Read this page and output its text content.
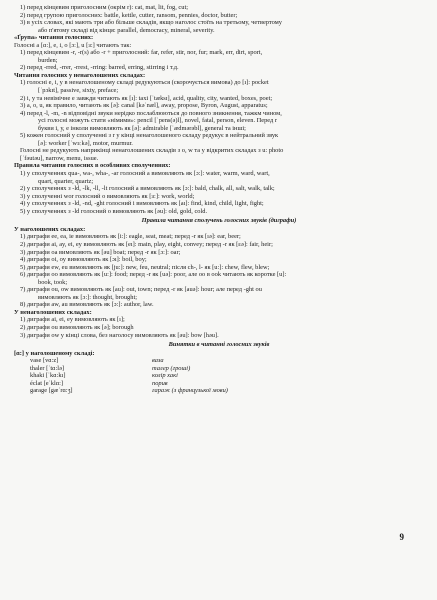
1) перед кінцевим приголосним (окрім r): cat, mat, lit, fog, cut;
2) перед групою приголосних: battle, kettle, cutter, ransom, pennies, doctor, butter;
3) в усіх словах, які мають три або більше складів, якщо наголос стоїть на третьому, четвертому
або п'ятому складі від кінця: parallel, democracy, mineral, severity.
«Ґрупа» читання голосних:
Голосні a [ɑ:], e, i, o [ɔ:], u [ɜ:] читають так:
1) перед кінцевим -r, -r(s) або -r + приголосний: far, refer, stir, nor, fur; mark, err, dirt, sport,
burden;
2) перед -rred, -rrer, -rrest, -rring: barred, erring, stirring і т.д.
Читання голосних у ненаголошених складах:
1) голосні e, i, y в ненаголошеному складі редукуються (скорочується вимова) до [ı]: pocket
[ˈpɔkɪt], passive, sixty, preface;
2) i, y та невімічне e завжди читають як [ı]: taxi [ˈtæksɪ], acid, quality, city, wanted, boxes, poet;
3) a, o, u, як правило, читають як [ə]: canal [kəˈnæl], away, propose, Byron, August, apparatus;
4) перед -l, -m, -n відповідні звуки нерідко послаблюються до повного зникнення, тажкм чином,
усі голосні можуть стати «німими»: pencil [ˈpens(ə)l], novel, fatal, person, eleven. Перед r
букви і, у, е інколи вимовляють як [ə]: admirable [ˈædmərəbl], general та інші;
5) кожен голосний у сполученні з r у кінці ненаголошеного складу редукує в нейтральний звук
[ə]: worker [ˈwɜːkə], motor, murmur.
Голосні не редукують наприкінці ненаголошених складів з o, w та у відкритих складах з u: photo
[ˈfəutəu], narrow, menu, issue.
Правила читання голосних в особливих сполученнях:
1) у сполученнях qua-, wa-, wha-, -ar голосний a вимовляють як [ɔ:]: water, warm, ward, wart,
quart, quarter, quartz;
2) у сполученнях з -ld, -lk, -ll, -lt голосний a вимовляють як [ɔ:]: bald, chalk, all, salt, walk, talk;
3) у сполученні wor голосний o вимовляють як [ɜ:]: work, world;
4) у сполученнях з -ld, -nd, -ght голосний i вимовляють як [aı]: find, kind, child, light, fight;
5) у сполученнях з -ld голосний o вимовляють як [əu]: old, gold, cold.
Правила читання сполучень голосних звуків (диграфи)
У наголошених складах:
1) диграфи ee, ea, ie вимовляють як [i:]: eagle, seat, meat; перед -r як [ıə]: ear, beer;
2) диграфи ai, ay, ei, ey вимовляють як [eı]: main, play, eight, convey; перед -r як [ɛə]: fair, heir;
3) диграфи oa вимовляють як [əu] boat; перед -r як [ɔ:]: oar;
4) диграфи oi, oy вимовляють як [ɔı]: boil, boy;
5) диграфи ew, eu вимовляють як [ju:]: new, feu, neutral; після ch-, l- як [u:]: chew, flew, blew;
6) диграфи oo вимовляють як [u:]: food; перед -r як [uə]: poor, але оо в ook читають як коротке [u]:
book, took;
7) диграфи ou, ow вимовляють як [au]: out, town; перед -r як [auə]: hour; але перед -ght ou
вимовляють як [ɔ:]: thought, brought;
8) диграфи aw, au вимовляють як [ɔ:]: author, law.
У ненаголошених складах:
1) диграфи ai, ei, ey вимовляють як [ı];
2) диграфи ou вимовляють як [ə]; borough
3) диграфи ow у кінці слова, без наголосу вимовляють як [əu]: bow [həu].
Винятки в читанні голосних звуків
[ɑ:] у наголошеному складі:
vase [vɑ:z]	ваза
thaler [ˈtɑ:lə]	талер (гроші)
khaki [ˈkɑ:kı]	колір хакі
éclat [eˈklɑ:]	порив
garage [gæˈrɑ:ʒ]	гараж (з французької мови)
9
